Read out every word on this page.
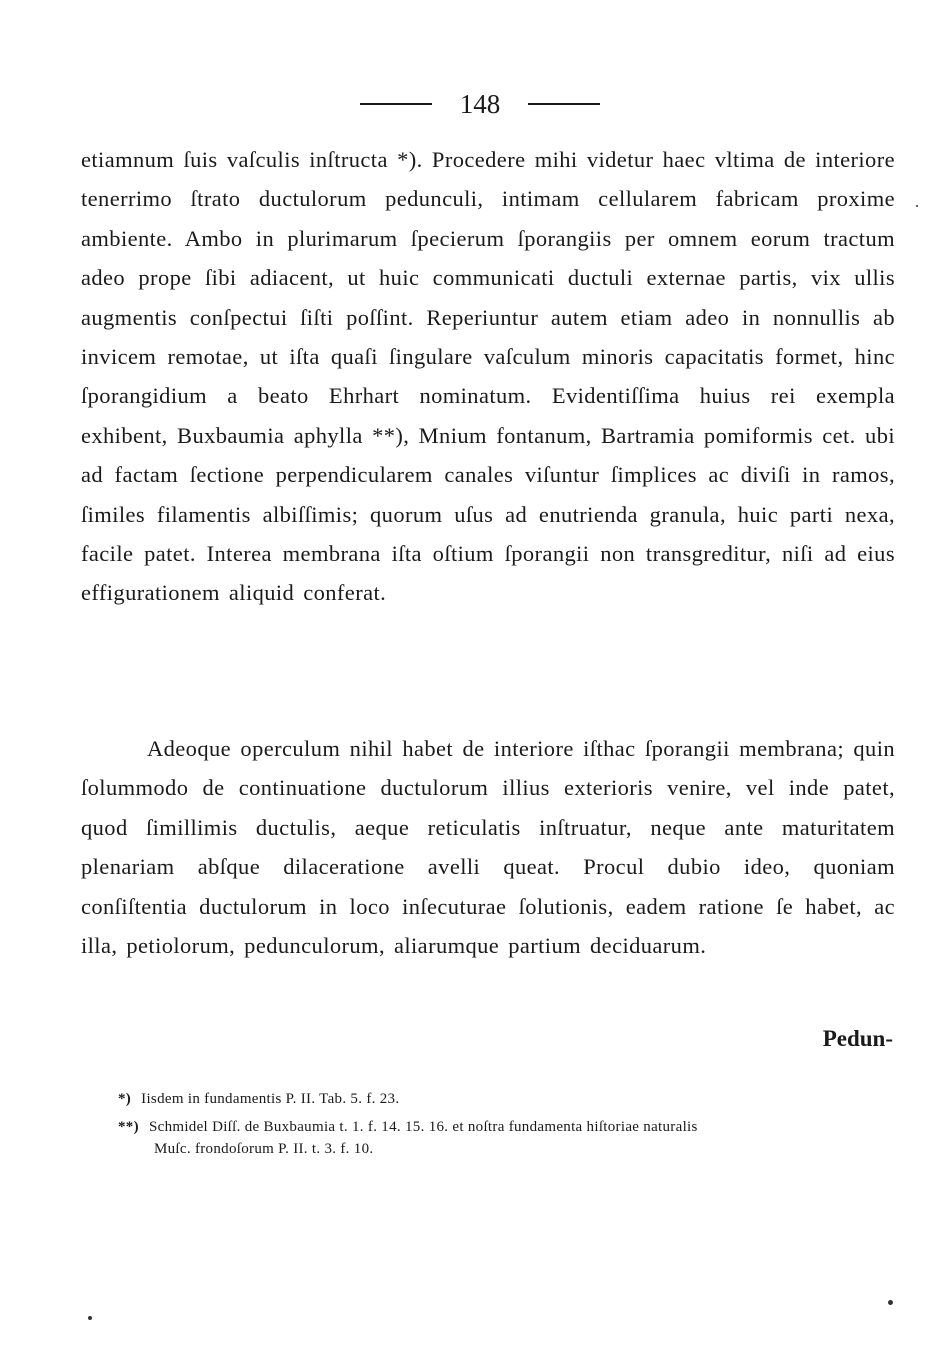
148

etiamnum ſuis vaſculis inſtructa *). Procedere mihi videtur haec vltima de interiore tenerrimo ſtrato ductulorum pedunculi, intimam cellularem fabricam proxime ambiente. Ambo in plurimarum ſpecierum ſporangiis per omnem eorum tractum adeo prope ſibi adiacent, ut huic communicati ductuli externae partis, vix ullis augmentis conſpectui ſiſti poſſint. Reperiuntur autem etiam adeo in nonnullis ab invicem remotae, ut iſta quaſi ſingulare vaſculum minoris capacitatis formet, hinc ſporangidium a beato Ehrhart nominatum. Evidentiſſima huius rei exempla exhibent, Buxbaumia aphylla **), Mnium fontanum, Bartramia pomiformis cet. ubi ad factam ſectione perpendicularem canales viſuntur ſimplices ac diviſi in ramos, ſimiles filamentis albiſſimis; quorum uſus ad enutrienda granula, huic parti nexa, facile patet. Interea membrana iſta oſtium ſporangii non transgreditur, niſi ad eius effigurationem aliquid conferat.

Adeoque operculum nihil habet de interiore iſthac ſporangii membrana; quin ſolummodo de continuatione ductulorum illius exterioris venire, vel inde patet, quod ſimillimis ductulis, aeque reticulatis inſtruatur, neque ante maturitatem plenariam abſque dilaceratione avelli queat. Procul dubio ideo, quoniam conſiſtentia ductulorum in loco inſecuturae ſolutionis, eadem ratione ſe habet, ac illa, petiolorum, pedunculorum, aliarumque partium deciduarum.

Pedun-

*) Iisdem in fundamentis P. II. Tab. 5. f. 23.

**) Schmidel Diſſ. de Buxbaumia t. 1. f. 14. 15. 16. et noſtra fundamenta hiſtoriae naturalis
Muſc. frondoſorum P. II. t. 3. f. 10.
